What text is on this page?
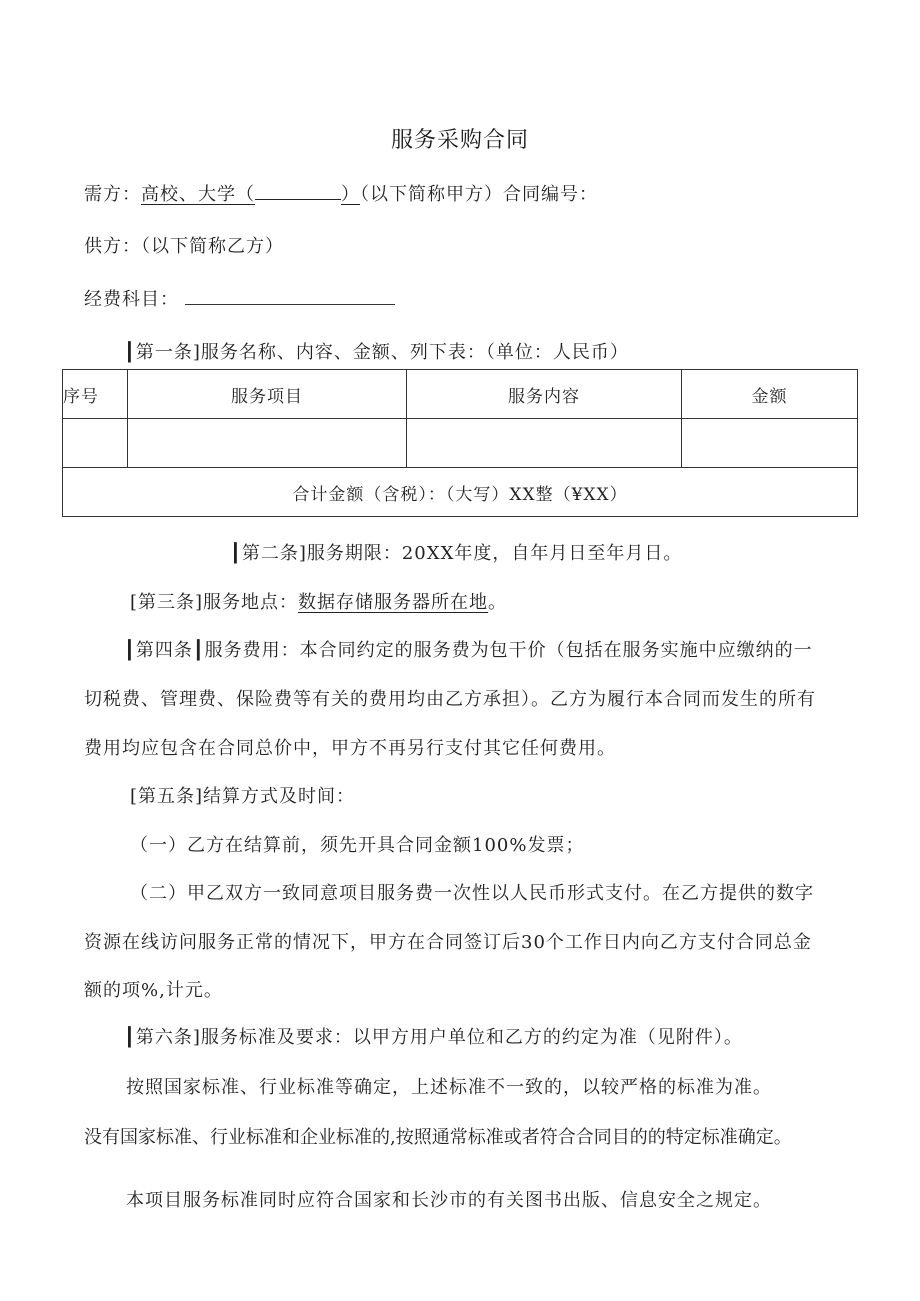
服务采购合同
需方：高校、大学（	）（以下简称甲方）合同编号：
供方：（以下简称乙方）
经费科目：
┃第一条]服务名称、内容、金额、列下表：（单位：人民币）
序号	服务项目	服务内容	金额

合计金额（含税）：（大写）XX整（¥XX）			
┃第二条]服务期限：20XX年度，自年月日至年月日。
[第三条]服务地点：数据存储服务器所在地。
┃第四条┃服务费用：本合同约定的服务费为包干价（包括在服务实施中应缴纳的一
切税费、管理费、保险费等有关的费用均由乙方承担）。乙方为履行本合同而发生的所有
费用均应包含在合同总价中，甲方不再另行支付其它任何费用。
[第五条]结算方式及时间：
（一）乙方在结算前，须先开具合同金额100%发票；
（二）甲乙双方一致同意项目服务费一次性以人民币形式支付。在乙方提供的数字
资源在线访问服务正常的情况下，甲方在合同签订后30个工作日内向乙方支付合同总金
额的项%,计元。
┃第六条]服务标准及要求：以甲方用户单位和乙方的约定为准（见附件）。
按照国家标准、行业标准等确定，上述标准不一致的，以较严格的标准为准。
没有国家标准、行业标准和企业标准的,按照通常标准或者符合合同目的的特定标准确定。
本项目服务标准同时应符合国家和长沙市的有关图书出版、信息安全之规定。
